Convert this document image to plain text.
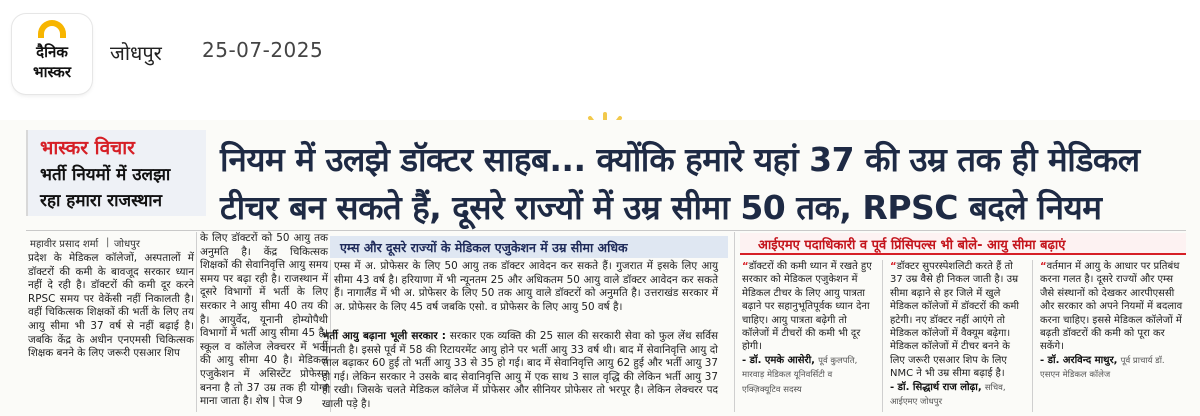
दैनिक
भास्कर
जोधपुर 25-07-2025
भास्कर विचार
भर्ती नियमों में उलझा
रहा हमारा राजस्थान
नियम में उलझे डॉक्टर साहब... क्योंकि हमारे यहां 37 की उम्र तक ही मेडिकल
टीचर बन सकते हैं, दूसरे राज्यों में उम्र सीमा 50 तक, RPSC बदले नियम
महावीर प्रसाद शर्मा | जोधपुर
प्रदेश के मेडिकल कॉलेजों, अस्पतालों में डॉक्टरों की कमी के बावजूद सरकार ध्यान नहीं दे रही है। डॉक्टरों की कमी दूर करने RPSC समय पर वेकेंसी नहीं निकालती है। वहीं चिकित्सक शिक्षकों की भर्ती के लिए तय आयु सीमा भी 37 वर्ष से नहीं बढ़ाई है। जबकि केंद्र के अधीन एनएमसी चिकित्सक शिक्षक बनने के लिए जरूरी एसआर शिप
के लिए डॉक्टरों को 50 आयु तक अनुमति है। केंद्र चिकित्सक शिक्षकों की सेवानिवृत्ति आयु समय समय पर बढ़ा रही है। राजस्थान में दूसरे विभागों में भर्ती के लिए सरकार ने आयु सीमा 40 तय की है। आयुर्वेद, यूनानी होम्योपैथी विभागों में भर्ती आयु सीमा 45 है। स्कूल व कॉलेज लेक्चरर में भर्ती की आयु सीमा 40 है। मेडिकल एजुकेशन में असिस्टेंट प्रोफेसर बनना है तो 37 उम्र तक ही योग्य माना जाता है। शेष | पेज 9
एम्स और दूसरे राज्यों के मेडिकल एजुकेशन में उम्र सीमा अधिक
एम्स में अ. प्रोफेसर के लिए 50 आयु तक डॉक्टर आवेदन कर सकते हैं। गुजरात में इसके लिए आयु सीमा 43 वर्ष है। हरियाणा में भी न्यूनतम 25 और अधिकतम 50 आयु वाले डॉक्टर आवेदन कर सकते हैं। नागालैंड में भी अ. प्रोफेसर के लिए 50 तक आयु वाले डॉक्टरों को अनुमति है। उत्तराखंड सरकार में अ. प्रोफेसर के लिए 45 वर्ष जबकि एसो. व प्रोफेसर के लिए आयु 50 वर्ष है।
भर्ती आयु बढ़ाना भूली सरकार : सरकार एक व्यक्ति की 25 साल की सरकारी सेवा को फुल लेंथ सर्विस मानती है। इससे पूर्व में 58 की रिटायरमेंट आयु होने पर भर्ती आयु 33 वर्ष थी। बाद में सेवानिवृत्ति आयु दो साल बढ़ाकर 60 हुई तो भर्ती आयु 33 से 35 हो गई। बाद में सेवानिवृत्ति आयु 62 हुई और भर्ती आयु 37 हो गई। लेकिन सरकार ने उसके बाद सेवानिवृत्ति आयु में एक साथ 3 साल वृद्धि की लेकिन भर्ती आयु 37 ही रखी। जिसके चलते मेडिकल कॉलेज में प्रोफेसर और सीनियर प्रोफेसर तो भरपूर है। लेकिन लेक्चरर पद खाली पड़े है।
आईएमए पदाधिकारी व पूर्व प्रिंसिपल्स भी बोले- आयु सीमा बढ़ाएं
“डॉक्टरों की कमी ध्यान में रखते हुए सरकार को मेडिकल एजुकेशन में मेडिकल टीचर के लिए आयु पात्रता बढ़ाने पर सहानुभूतिपूर्वक ध्यान देना चाहिए। आयु पात्रता बढ़ेगी तो कॉलेजों में टीचरों की कमी भी दूर होगी।
- डॉ. एमके आसेरी, पूर्व कुलपति, मारवाड़ मेडिकल यूनिवर्सिटी व एक्ज़िक्यूटिव सदस्य
“डॉक्टर सुपरस्पेशलिटी करते हैं तो 37 उम्र वैसे ही निकल जाती है। उम्र सीमा बढ़ाने से हर जिले में खुले मेडिकल कॉलेजों में डॉक्टरों की कमी हटेगी। नए डॉक्टर नहीं आएंगे तो मेडिकल कॉलेजों में वैक्यूम बढ़ेगा। मेडिकल कॉलेजों में टीचर बनने के लिए जरूरी एसआर शिप के लिए NMC ने भी उम्र सीमा बढ़ाई है।
- डॉ. सिद्धार्थ राज लोढ़ा, सचिव, आईएमए जोधपुर
“वर्तमान में आयु के आधार पर प्रतिबंध करना गलत है। दूसरे राज्यों और एम्स जैसे संस्थानों को देखकर आरपीएससी और सरकार को अपने नियमों में बदलाव करना चाहिए। इससे मेडिकल कॉलेजों में बढ़ती डॉक्टरों की कमी को पूरा कर सकेंगे।
- डॉ. अरविन्द माथुर, पूर्व प्राचार्य डॉ. एसएन मेडिकल कॉलेज
